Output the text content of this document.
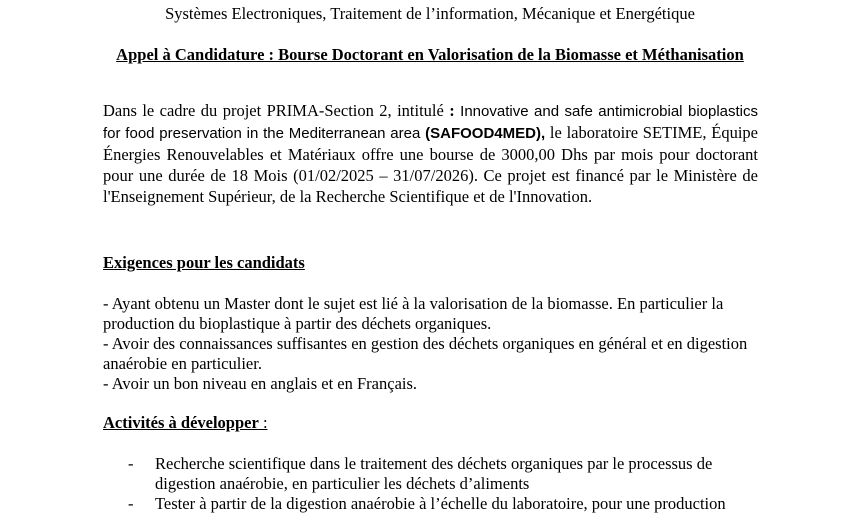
Systèmes Electroniques, Traitement de l’information, Mécanique et Energétique
Appel à Candidature : Bourse Doctorant en Valorisation de la Biomasse et Méthanisation
Dans le cadre du projet PRIMA-Section 2, intitulé : Innovative and safe antimicrobial bioplastics for food preservation in the Mediterranean area (SAFOOD4MED), le laboratoire SETIME, Équipe Énergies Renouvelables et Matériaux offre une bourse de 3000,00 Dhs par mois pour doctorant pour une durée de 18 Mois (01/02/2025 – 31/07/2026). Ce projet est financé par le Ministère de l'Enseignement Supérieur, de la Recherche Scientifique et de l'Innovation.
Exigences pour les candidats
- Ayant obtenu un Master dont le sujet est lié à la valorisation de la biomasse. En particulier la production du bioplastique à partir des déchets organiques.
- Avoir des connaissances suffisantes en gestion des déchets organiques en général et en digestion anaérobie en particulier.
- Avoir un bon niveau en anglais et en Français.
Activités à développer :
- Recherche scientifique dans le traitement des déchets organiques par le processus de digestion anaérobie, en particulier les déchets d’aliments
- Tester à partir de la digestion anaérobie à l’échelle du laboratoire, pour une production
